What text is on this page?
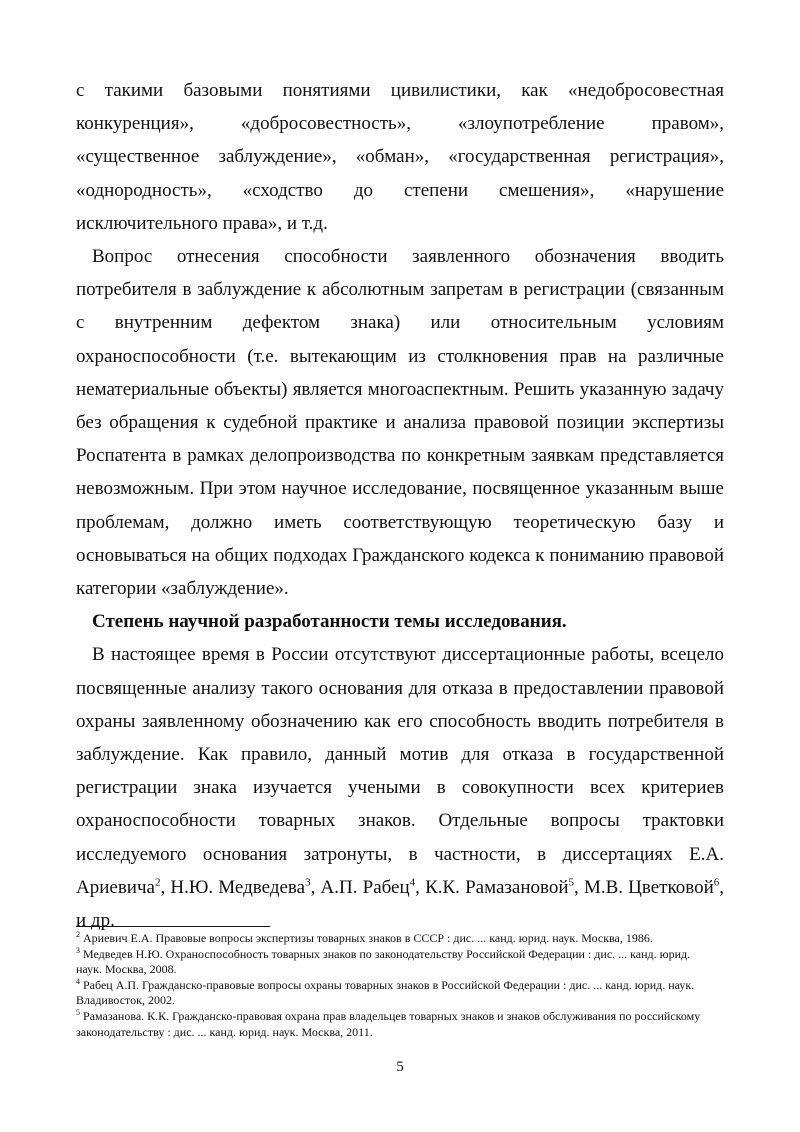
с такими базовыми понятиями цивилистики, как «недобросовестная конкуренция», «добросовестность», «злоупотребление правом», «существенное заблуждение», «обман», «государственная регистрация», «однородность», «сходство до степени смешения», «нарушение исключительного права», и т.д.

Вопрос отнесения способности заявленного обозначения вводить потребителя в заблуждение к абсолютным запретам в регистрации (связанным с внутренним дефектом знака) или относительным условиям охраноспособности (т.е. вытекающим из столкновения прав на различные нематериальные объекты) является многоаспектным. Решить указанную задачу без обращения к судебной практике и анализа правовой позиции экспертизы Роспатента в рамках делопроизводства по конкретным заявкам представляется невозможным. При этом научное исследование, посвященное указанным выше проблемам, должно иметь соответствующую теоретическую базу и основываться на общих подходах Гражданского кодекса к пониманию правовой категории «заблуждение».

Степень научной разработанности темы исследования.

В настоящее время в России отсутствуют диссертационные работы, всецело посвященные анализу такого основания для отказа в предоставлении правовой охраны заявленному обозначению как его способность вводить потребителя в заблуждение. Как правило, данный мотив для отказа в государственной регистрации знака изучается учеными в совокупности всех критериев охраноспособности товарных знаков. Отдельные вопросы трактовки исследуемого основания затронуты, в частности, в диссертациях Е.А. Ариевича$^2$, Н.Ю. Медведева$^3$, А.П. Рабец$^4$, К.К. Рамазановой$^5$, М.В. Цветковой$^6$, и др.

$^2$ Ариевич Е.А. Правовые вопросы экспертизы товарных знаков в СССР : дис. ... канд. юрид. наук. Москва, 1986.

$^3$ Медведев Н.Ю. Охраноспособность товарных знаков по законодательству Российской Федерации : дис. ... канд. юрид. наук. Москва, 2008.

$^4$ Рабец А.П. Гражданско-правовые вопросы охраны товарных знаков в Российской Федерации : дис. ... канд. юрид. наук. Владивосток, 2002.

$^5$ Рамазанова. К.К. Гражданско-правовая охрана прав владельцев товарных знаков и знаков обслуживания по российскому законодательству : дис. ... канд. юрид. наук. Москва, 2011.

5
